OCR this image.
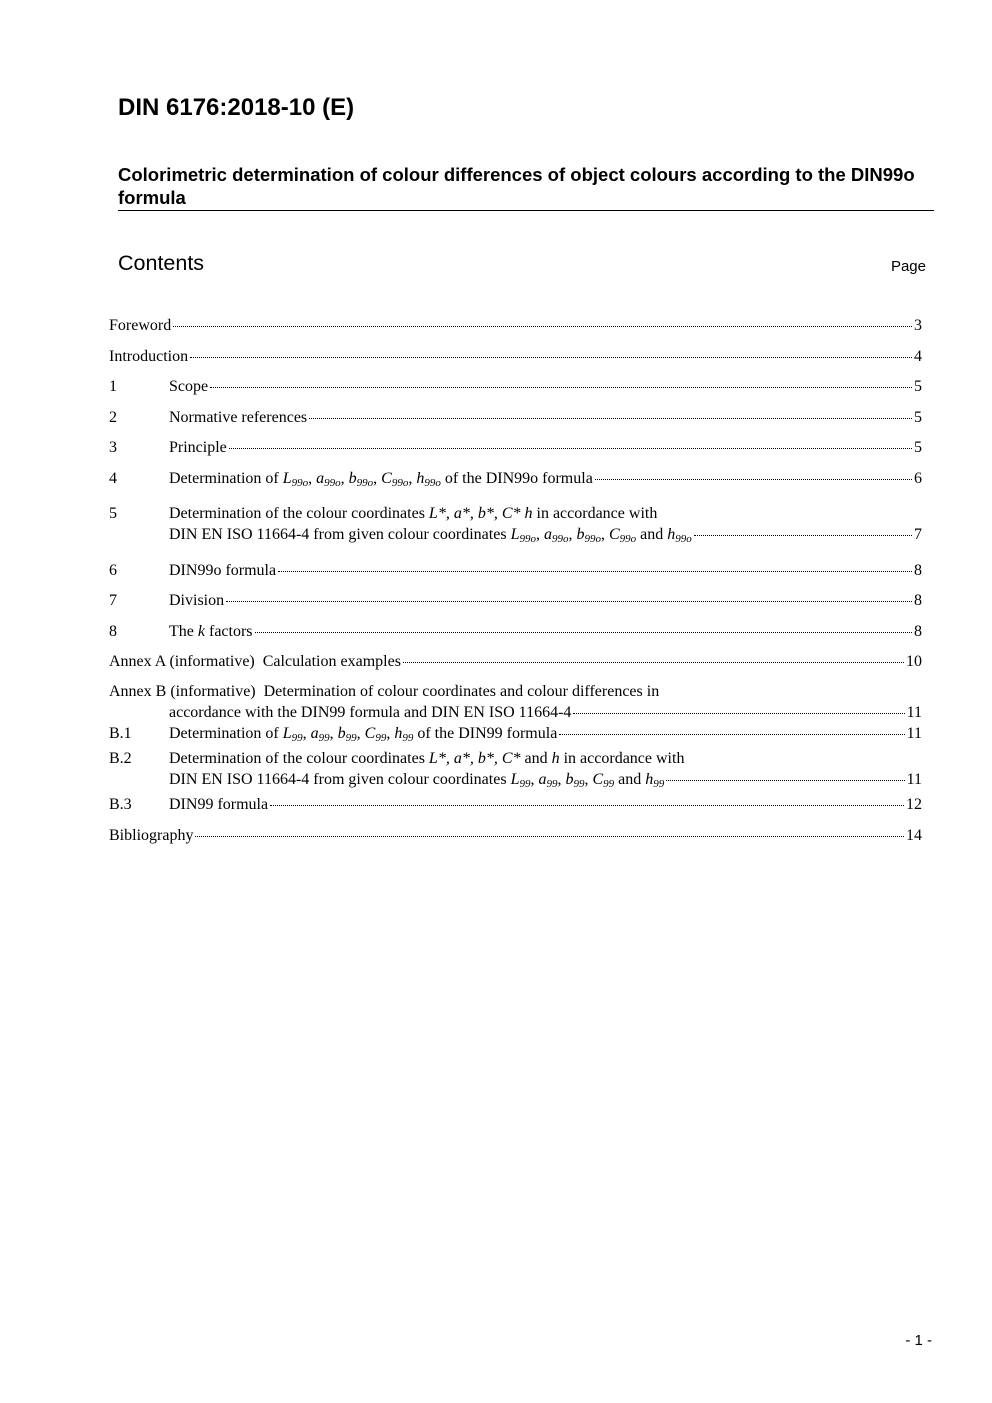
DIN 6176:2018-10 (E)
Colorimetric determination of colour differences of object colours according to the DIN99o formula
Contents	Page
Foreword	3
Introduction	4
1	Scope	5
2	Normative references	5
3	Principle	5
4	Determination of $L_{99o}$, $a_{99o}$, $b_{99o}$, $C_{99o}$, $h_{99o}$ of the DIN99o formula	6
5	Determination of the colour coordinates L*, a*, b*, C* h in accordance with
DIN EN ISO 11664-4 from given colour coordinates $L_{99o}$, $a_{99o}$, $b_{99o}$, $C_{99o}$ and $h_{99o}$	7
6	DIN99o formula	8
7	Division	8
8	The k factors	8
Annex A (informative)  Calculation examples	10
Annex B (informative)  Determination of colour coordinates and colour differences in
accordance with the DIN99 formula and DIN EN ISO 11664-4	11
B.1	Determination of $L_{99}$, $a_{99}$, $b_{99}$, $C_{99}$, $h_{99}$ of the DIN99 formula	11
B.2	Determination of the colour coordinates L*, a*, b*, C* and h in accordance with
DIN EN ISO 11664-4 from given colour coordinates $L_{99}$, $a_{99}$, $b_{99}$, $C_{99}$ and $h_{99}$	11
B.3	DIN99 formula	12
Bibliography	14
- 1 -
